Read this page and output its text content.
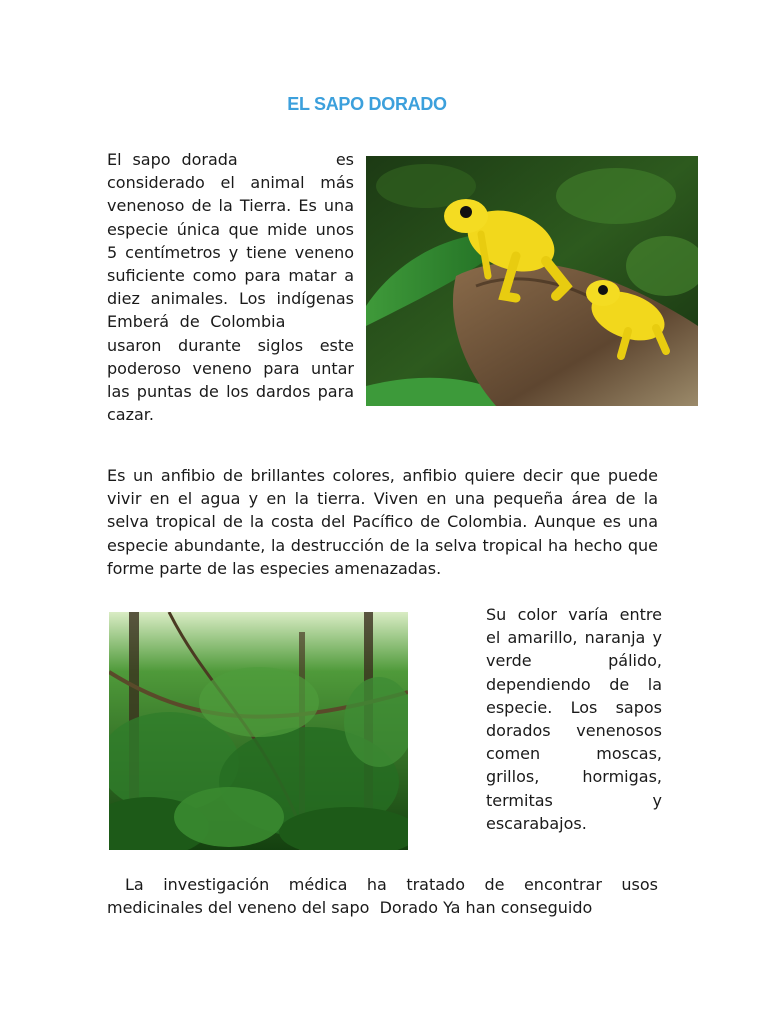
EL SAPO DORADO

El sapo dorada         es considerado el animal más venenoso de la Tierra. Es una especie única que mide unos 5 centímetros y tiene veneno suficiente como para matar a diez animales. Los indígenas Emberá de Colombia        usaron durante siglos este poderoso veneno para untar las puntas de los dardos para cazar.

Es un anfibio de brillantes colores, anfibio quiere decir que puede vivir en el agua y en la tierra. Viven en una pequeña área de la selva tropical de la costa del Pacífico de Colombia. Aunque es una especie abundante, la destrucción de la selva tropical ha hecho que forme parte de las especies amenazadas.

Su color varía entre el amarillo, naranja y verde pálido, dependiendo de la especie. Los sapos dorados venenosos comen moscas, grillos, hormigas, termitas y escarabajos.

La investigación médica ha tratado de encontrar usos medicinales del veneno del sapo  Dorado Ya han conseguido
